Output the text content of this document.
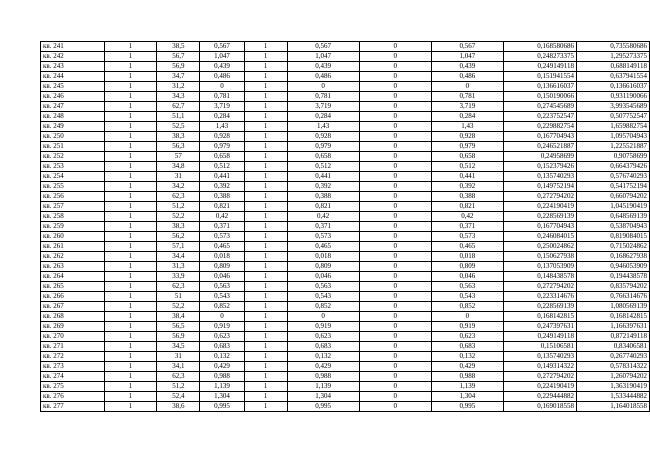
кв. 241	1	38,5	0,567	1	0,567	0	0,567	0,168580686	0,735580686
кв. 242	1	56,7	1,047	1	1,047	0	1,047	0,248273375	1,295273375
кв. 243	1	56,9	0,439	1	0,439	0	0,439	0,249149118	0,688149118
кв. 244	1	34,7	0,486	1	0,486	0	0,486	0,151941554	0,637941554
кв. 245	1	31,2	0	1	0	0	0	0,136616037	0,136616037
кв. 246	1	34,3	0,781	1	0,781	0	0,781	0,150190066	0,931190066
кв. 247	1	62,7	3,719	1	3,719	0	3,719	0,274545689	3,993545689
кв. 248	1	51,1	0,284	1	0,284	0	0,284	0,223752547	0,507752547
кв. 249	1	52,5	1,43	1	1,43	0	1,43	0,229882754	1,659882754
кв. 250	1	38,3	0,928	1	0,928	0	0,928	0,167704943	1,095704943
кв. 251	1	56,3	0,979	1	0,979	0	0,979	0,246521887	1,225521887
кв. 252	1	57	0,658	1	0,658	0	0,658	0,24958699	0,90758699
кв. 253	1	34,8	0,512	1	0,512	0	0,512	0,152379426	0,664379426
кв. 254	1	31	0,441	1	0,441	0	0,441	0,135740293	0,576740293
кв. 255	1	34,2	0,392	1	0,392	0	0,392	0,149752194	0,541752194
кв. 256	1	62,3	0,388	1	0,388	0	0,388	0,272794202	0,660794202
кв. 257	1	51,2	0,821	1	0,821	0	0,821	0,224190419	1,045190419
кв. 258	1	52,2	0,42	1	0,42	0	0,42	0,228569139	0,648569139
кв. 259	1	38,3	0,371	1	0,371	0	0,371	0,167704943	0,538704943
кв. 260	1	56,2	0,573	1	0,573	0	0,573	0,246084015	0,819084015
кв. 261	1	57,1	0,465	1	0,465	0	0,465	0,250024862	0,715024862
кв. 262	1	34,4	0,018	1	0,018	0	0,018	0,150627938	0,168627938
кв. 263	1	31,3	0,809	1	0,809	0	0,809	0,137053909	0,946053909
кв. 264	1	33,9	0,046	1	0,046	0	0,046	0,148438578	0,194438578
кв. 265	1	62,3	0,563	1	0,563	0	0,563	0,272794202	0,835794202
кв. 266	1	51	0,543	1	0,543	0	0,543	0,223314676	0,766314676
кв. 267	1	52,2	0,852	1	0,852	0	0,852	0,228569139	1,080569139
кв. 268	1	38,4	0	1	0	0	0	0,168142815	0,168142815
кв. 269	1	56,5	0,919	1	0,919	0	0,919	0,247397631	1,166397631
кв. 270	1	56,9	0,623	1	0,623	0	0,623	0,249149118	0,872149118
кв. 271	1	34,5	0,683	1	0,683	0	0,683	0,15106581	0,83406581
кв. 272	1	31	0,132	1	0,132	0	0,132	0,135740293	0,267740293
кв. 273	1	34,1	0,429	1	0,429	0	0,429	0,149314322	0,578314322
кв. 274	1	62,3	0,988	1	0,988	0	0,988	0,272794202	1,260794202
кв. 275	1	51,2	1,139	1	1,139	0	1,139	0,224190419	1,363190419
кв. 276	1	52,4	1,304	1	1,304	0	1,304	0,229444882	1,533444882
кв. 277	1	38,6	0,995	1	0,995	0	0,995	0,169018558	1,164018558
